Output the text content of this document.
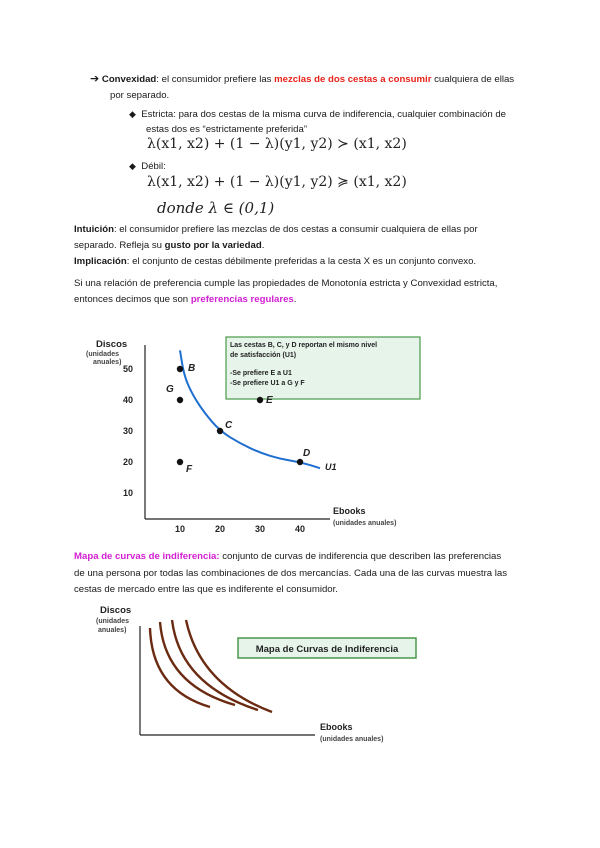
➔ Convexidad: el consumidor prefiere las mezclas de dos cestas a consumir cualquiera de ellas
por separado.
◆ Estricta: para dos cestas de la misma curva de indiferencia, cualquier combinación de
estas dos es “estrictamente preferida”
λ(x1, x2) + (1 − λ)(y1, y2) ≻ (x1, x2)
◆ Débil:
λ(x1, x2) + (1 − λ)(y1, y2) ≽ (x1, x2)
donde λ ∈ (0,1)
Intuición: el consumidor prefiere las mezclas de dos cestas a consumir cualquiera de ellas por
separado. Refleja su gusto por la variedad.
Implicación: el conjunto de cestas débilmente preferidas a la cesta X es un conjunto convexo.
Si una relación de preferencia cumple las propiedades de Monotonía estricta y Convexidad estricta,
entonces decimos que son preferencias regulares.
Discos
(unidades
anuales)
Ebooks
(unidades anuales)
10	20	30	40
10
20
30
40
50
Las cestas B, C, y D reportan el mismo nivel
de satisfacción (U1)
-Se prefiere E a U1
-Se prefiere U1 a G y F
U1
B
G
C
E
D
F
Discos
(unidades
anuales)
Ebooks
(unidades anuales)
Mapa de Curvas de Indiferencia
Mapa de curvas de indiferencia: conjunto de curvas de indiferencia que describen las preferencias
de una persona por todas las combinaciones de dos mercancías. Cada una de las curvas muestra las
cestas de mercado entre las que es indiferente el consumidor.
